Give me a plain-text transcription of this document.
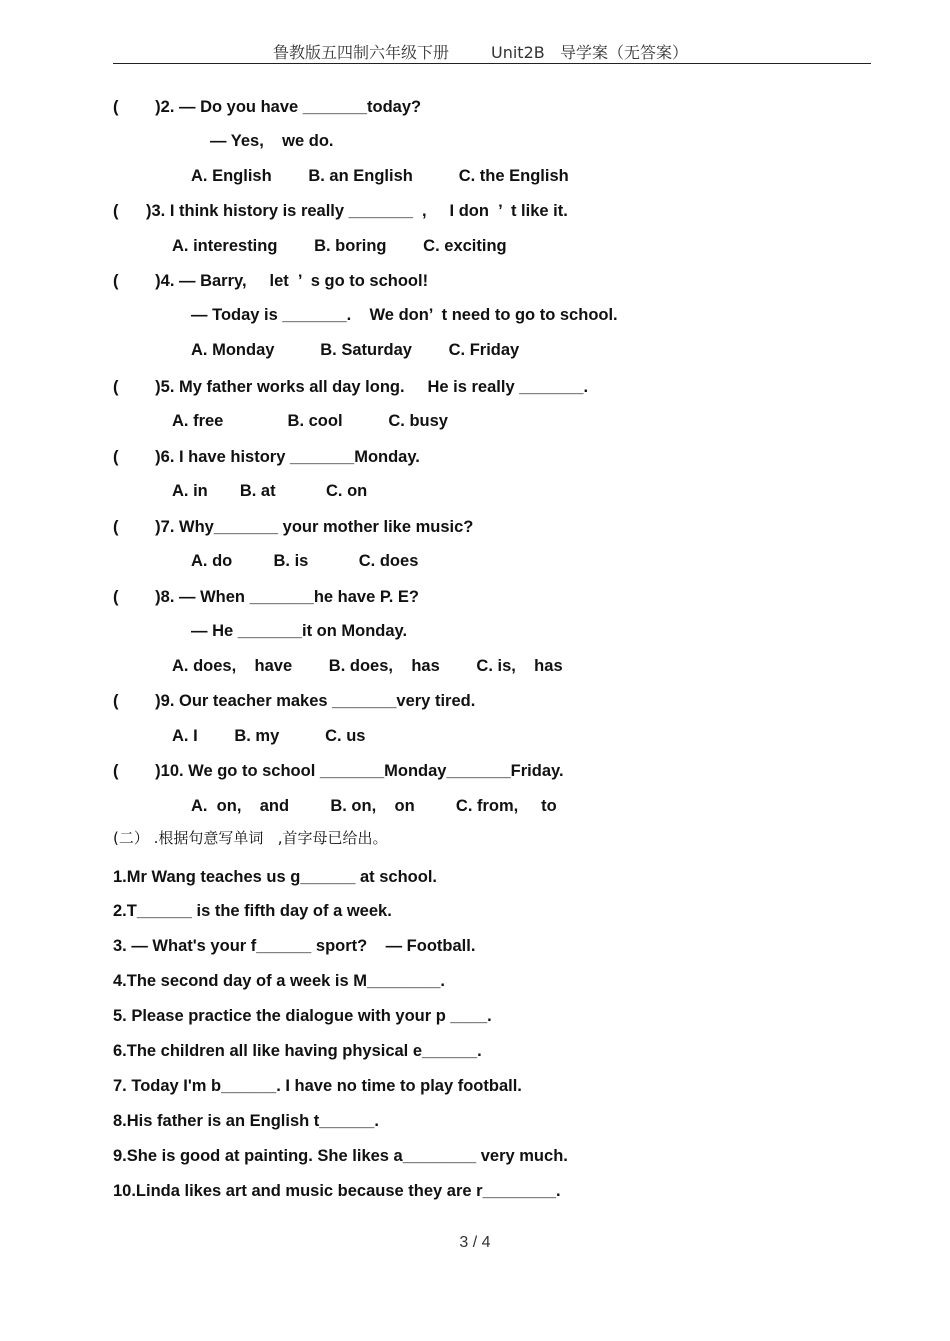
鲁教版五四制六年级下册	Unit2B   导学案（无答案）
(        )2. — Do you have _______today?
— Yes,    we do.
A. English        B. an English          C. the English
(      )3. I think history is really _______  ,     I don  ’  t like it.
A. interesting        B. boring        C. exciting
(        )4. — Barry,     let  ’  s go to school!
— Today is _______.    We don’  t need to go to school.
A. Monday          B. Saturday        C. Friday
(        )5. My father works all day long.     He is really _______.
A. free              B. cool          C. busy
(        )6. I have history _______Monday.
A. in       B. at           C. on
(        )7. Why_______ your mother like music?
A. do         B. is           C. does
(        )8. — When _______he have P. E?
— He _______it on Monday.
A. does,    have        B. does,    has        C. is,    has
(        )9. Our teacher makes _______very tired.
A. I        B. my          C. us
(        )10. We go to school _______Monday_______Friday.
A.  on,    and         B. on,    on         C. from,     to
(二） .根据句意写单词   ,首字母已给出。
1.Mr Wang teaches us g______ at school.
2.T______ is the fifth day of a week.
3. — What's your f______ sport?    — Football.
4.The second day of a week is M________.
5. Please practice the dialogue with your p ____.
6.The children all like having physical e______.
7. Today I'm b______. I have no time to play football.
8.His father is an English t______.
9.She is good at painting. She likes a________ very much.
10.Linda likes art and music because they are r________.
3 / 4
